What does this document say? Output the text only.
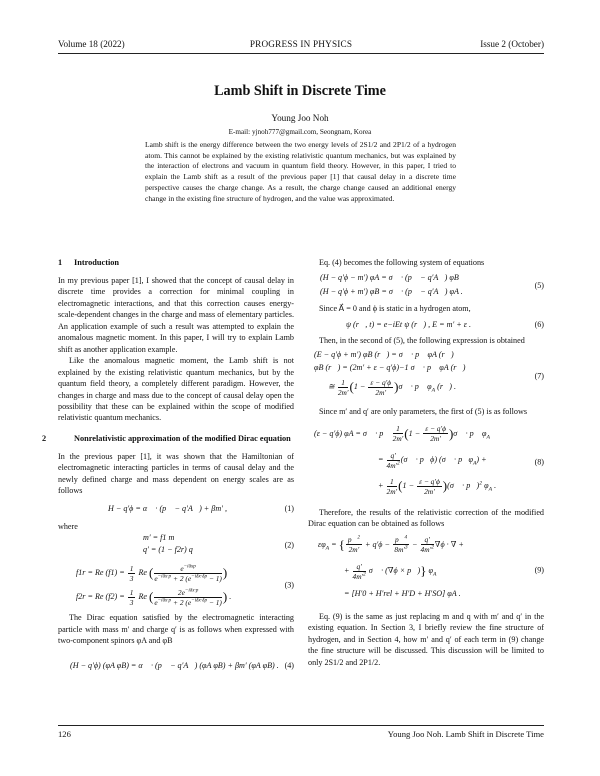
Volume 18 (2022)	PROGRESS IN PHYSICS	Issue 2 (October)
Lamb Shift in Discrete Time
Young Joo Noh
E-mail: yjnoh777@gmail.com, Seongnam, Korea
Lamb shift is the energy difference between the two energy levels of 2S1/2 and 2P1/2 of a hydrogen atom. This cannot be explained by the existing relativistic quantum mechanics, but was explained by the interaction of electrons and vacuum in quantum field theory. However, in this paper, I tried to explain the Lamb shift as a result of the previous paper [1] that causal delay in a discrete time perspective causes the charge change. As a result, the charge change caused an additional energy change in the existing fine structure of hydrogen, and the value was approximated.
1 Introduction

In my previous paper [1], I showed that the concept of causal delay in discrete time provides a correction for minimal coupling in electromagnetic interactions, and that this correction causes energy-scale-dependent changes in the charge and mass of elementary particles. An application example of such a result was attempted to explain the anomalous magnetic moment. In this paper, I will try to explain Lamb shift as another application example.

Like the anomalous magnetic moment, the Lamb shift is not explained by the existing relativistic quantum mechanics, but by the quantum field theory, a completely different paradigm. However, the changes in charge and mass due to the concept of causal delay open the possibility that these can be explained within the scope of modified relativistic quantum mechanics.

2	Nonrelativistic approximation of the modified Dirac equation

In the previous paper [1], it was shown that the Hamiltonian of electromagnetic interacting particles in terms of causal delay and the newly defined charge and mass dependent on energy scales are as follows

H − q′ϕ = α⃗ · (p⃗ − q′A⃗) + βm′ ,	(1)

where

m′ = f1 m
q′ = (1 − f2r) q	(2)
f1r = Re $(f1) = \frac{1}{3}$ Re ( $\frac{e^{-i\delta xp}}{e^{-i\delta x\cdot p} + 2 (e^{-i\delta x\cdot\delta p} - 1)}$ )
f2r = Re $(f2) = \frac{1}{3}$ Re ( $\frac{2e^{-i\delta x\cdot p}}{e^{-i\delta x\cdot p} + 2 (e^{-i\delta x\cdot\delta p} - 1)}$ ) .
(3)

The Dirac equation satisfied by the electromagnetic interacting particle with mass m′ and charge q′ is as follows when expressed with two-component spinors φA and φB

(H − q′ϕ) (φA φB) = α⃗ · (p⃗ − q′A⃗) (φA φB) + βm′ (φA φB) . (4)

Eq. (4) becomes the following system of equations

(H − q′ϕ − m′) φA = σ⃗ · (p⃗ − q′A⃗) φB
(H − q′ϕ + m′) φB = σ⃗ · (p⃗ − q′A⃗) φA .
(5)

Since A⃗ = 0 and ϕ is static in a hydrogen atom,

ψ (r⃗, t) = e−iEt ψ (r⃗) , E = m′ + ε .	(6)

Then, in the second of (5), the following expression is obtained

(E − q′ϕ + m′) φB (r⃗) = σ⃗ · p⃗ φA (r⃗)
φB (r⃗) = (2m′ + ε − q′ϕ)−1 σ⃗ · p⃗ φA (r⃗)
≅ $\frac{1}{2m'} (1 - \frac{\varepsilon - q'\phi}{2m'}$ )σ⃗ · p⃗ $\varphi_A$ (r⃗) .
(7)

Since m′ and q′ are only parameters, the first of (5) is as follows

(ε − q′ϕ) φA = σ⃗ · p⃗ $\frac{1}{2m'} (1 - \frac{\varepsilon - q'\phi}{2m'}$ )σ⃗ · p⃗ $\varphi_A$
= $\frac{q'}{4m'^2}$ (σ⃗ · p⃗ϕ) (σ⃗ · $p⃗\varphi_A$) +
+ $\frac{1}{2m'} (1 - \frac{\varepsilon - q'\phi}{2m'}$ )(σ⃗ · p⃗)$^2$ $\varphi_A$ .
(8)

Therefore, the results of the relativistic correction of the modified Dirac equation can be obtained as follows

$\varepsilon\varphi_A$ = { $\frac{p⃗^2}{2m'} + q'\phi - \frac{p⃗^4}{8m'^3} - \frac{q'}{4m'^2} \nabla\phi$ · ∇ +
+ $\frac{q'}{4m'^2}$ σ⃗ · (∇ϕ × p⃗)} $\varphi_A$
= [H′0 + H′rel + H′D + H′SO] φA .
(9)

Eq. (9) is the same as just replacing m and q with m′ and q′ in the existing equation. In Section 3, I briefly review the fine structure of hydrogen, and in Section 4, how m′ and q′ of each term in (9) change the fine structure will be discussed. This discussion will be limited to only 2S1/2 and 2P1/2.

126	Young Joo Noh. Lamb Shift in Discrete Time
